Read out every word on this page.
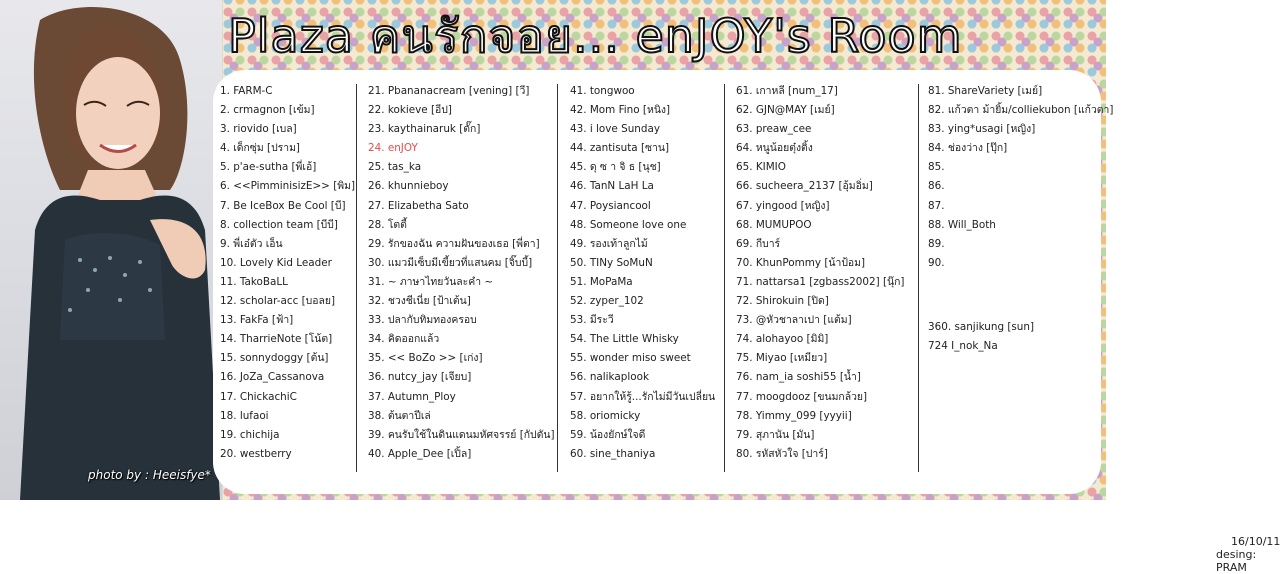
photo by : Heeisfye*
Plaza คนรักจอย... enJOY's Room
1. FARM-C
2. crmagnon [เข้ม]
3. riovido [เบล]
4. เด็กซุ่ม [ปราม]
5. p'ae-sutha [พี่เอ้]
6. <<PimminisizE>> [พิม]
7. Be IceBox Be Cool [บี]
8. collection team [บีบี]
9. พี่เอ๋ตัว เอ็น
10. Lovely Kid Leader
11. TakoBaLL
12. scholar-acc [บอลย]
13. FakFa [ฟ้า]
14. TharrieNote [โน้ต]
15. sonnydoggy [ต้น]
16. JoZa_Cassanova
17. ChickachiC
18. lufaoi
19. chichija
20. westberry
21. Pbananacream [vening] [วี]
22. kokieve [อีป]
23. kaythainaruk [ตั๊ก]
24. enJOY
25. tas_ka
26. khunnieboy
27. Elizabetha Sato
28. โตตี้
29. รักของฉัน ความฝันของเธอ [พี่ตา]
30. แมวมีเซ็บมีเขี้ยวที่แสนคม [จิ๊บบี้]
31. ~ ภาษาไทยวันละคำ ~
32. ชวงชีเนี่ย [ป้าเต้น]
33. ปลากับทิมทองครอบ
34. คิดออกแล้ว
35. << BoZo >> [เก่ง]
36. nutcy_jay [เจียบ]
37. Autumn_Ploy
38. ต้นตาปีเล่
39. คนรับใช้ในดินแดนมหัศจรรย์ [กัปตัน]
40. Apple_Dee [เปิ้ล]
41. tongwoo
42. Mom Fino [หนิง]
43. i love Sunday
44. zantisuta [ซาน]
45. ดุ ซ า จิ ธ [นุช]
46. TanN LaH La
47. Poysiancool
48. Someone love one
49. รองเท้าลูกไม้
50. TINy SoMuN
51. MoPaMa
52. zyper_102
53. มีระวี
54. The Little Whisky
55. wonder miso sweet
56. nalikaplook
57. อยากให้รู้...รักไม่มีวันเปลี่ยน
58. oriomicky
59. น้องยักษ์ใจดี
60. sine_thaniya
61. เกาหลี [num_17]
62. GJN@MAY [เมย์]
63. preaw_cee
64. หนูน้อยตุ๋งติ้ง
65. KIMIO
66. sucheera_2137 [อุ้มอิ่ม]
67. yingood [หญิง]
68. MUMUPOO
69. กีบาร์
70. KhunPommy [น้าป้อม]
71. nattarsa1 [zgbass2002] [นุ๊ก]
72. Shirokuin [ปิด]
73. @หัวชาลาเปา [แต้ม]
74. alohayoo [มิมิ]
75. Miyao [เหมียว]
76. nam_ia soshi55 [น้ำ]
77. moogdooz [ขนมกล้วย]
78. Yimmy_099 [yyyii]
79. สุภานัน [มัน]
80. รหัสหัวใจ [ปาร์]
81. ShareVariety [เมย์]
82. แก้วตา ม้ายิ้ม/colliekubon [แก้วตา]
83. ying*usagi [หญิง]
84. ช่องว่าง [ปุ๊ก]
85.
86.
87.
88. Will_Both
89.
90.
360. sanjikung [sun]
724 I_nok_Na
16/10/11
desing: PRAM
